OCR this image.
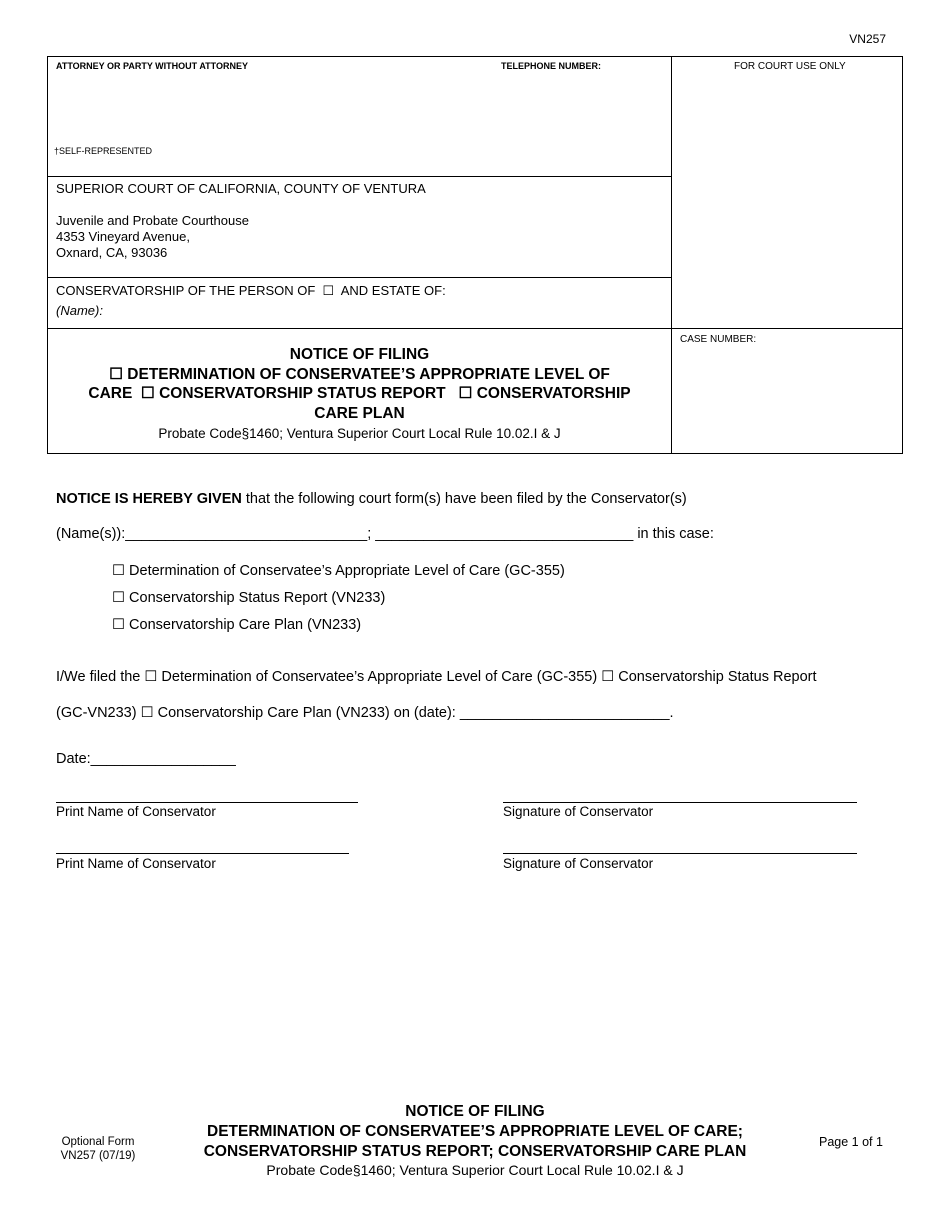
VN257
ATTORNEY OR PARTY WITHOUT ATTORNEY	TELEPHONE NUMBER:	FOR COURT USE ONLY
†SELF-REPRESENTED
SUPERIOR COURT OF CALIFORNIA, COUNTY OF VENTURA
Juvenile and Probate Courthouse
4353 Vineyard Avenue,
Oxnard, CA, 93036
CONSERVATORSHIP OF THE PERSON OF  ☐  AND ESTATE OF:
(Name):
CASE NUMBER:
NOTICE OF FILING
☐ DETERMINATION OF CONSERVATEE’S APPROPRIATE LEVEL OF
CARE  ☐ CONSERVATORSHIP STATUS REPORT   ☐ CONSERVATORSHIP
CARE PLAN
Probate Code§1460; Ventura Superior Court Local Rule 10.02.I & J
NOTICE IS HEREBY GIVEN that the following court form(s) have been filed by the Conservator(s)
(Name(s)):______________________________; ________________________________ in this case:
☐ Determination of Conservatee’s Appropriate Level of Care (GC-355)
☐ Conservatorship Status Report (VN233)
☐ Conservatorship Care Plan (VN233)
I/We filed the ☐ Determination of Conservatee’s Appropriate Level of Care (GC-355) ☐ Conservatorship Status Report
(GC-VN233) ☐ Conservatorship Care Plan (VN233) on (date): __________________________.
Date:__________________
Print Name of Conservator	Signature of Conservator
Print Name of Conservator	Signature of Conservator
NOTICE OF FILING
DETERMINATION OF CONSERVATEE’S APPROPRIATE LEVEL OF CARE;
CONSERVATORSHIP STATUS REPORT; CONSERVATORSHIP CARE PLAN
Probate Code§1460; Ventura Superior Court Local Rule 10.02.I & J
Optional Form
VN257 (07/19)
Page 1 of 1
